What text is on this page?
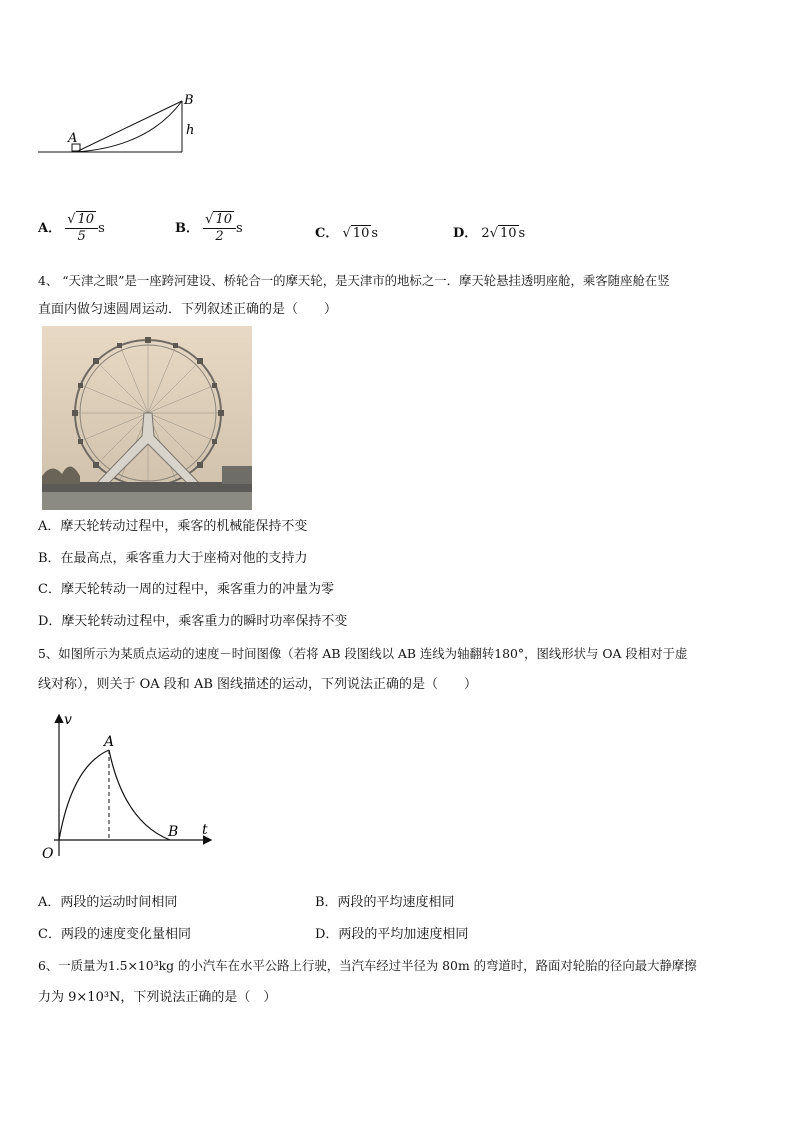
A
B
h
A． $\frac{√ 10}{5}$ s	B． $\frac{√ 10}{2}$ s	C． √ 10 s	D． 2√ 10 s
4、 “天津之眼”是一座跨河建设、桥轮合一的摩天轮，是天津市的地标之一．摩天轮悬挂透明座舱，乘客随座舱在竖
直面内做匀速圆周运动．下列叙述正确的是（　　）
A．摩天轮转动过程中，乘客的机械能保持不变
B．在最高点，乘客重力大于座椅对他的支持力
C．摩天轮转动一周的过程中，乘客重力的冲量为零
D．摩天轮转动过程中，乘客重力的瞬时功率保持不变
5、如图所示为某质点运动的速度－时间图像（若将 AB 段图线以 AB 连线为轴翻转180°，图线形状与 OA 段相对于虚
线对称），则关于 OA 段和 AB 图线描述的运动，下列说法正确的是（　　）
v
t
O
A
B
A．两段的运动时间相同	B．两段的平均速度相同
C．两段的速度变化量相同	D．两段的平均加速度相同
6、一质量为1.5×10³kg 的小汽车在水平公路上行驶，当汽车经过半径为 80m 的弯道时，路面对轮胎的径向最大静摩擦
力为 9×10³N，下列说法正确的是（　）
